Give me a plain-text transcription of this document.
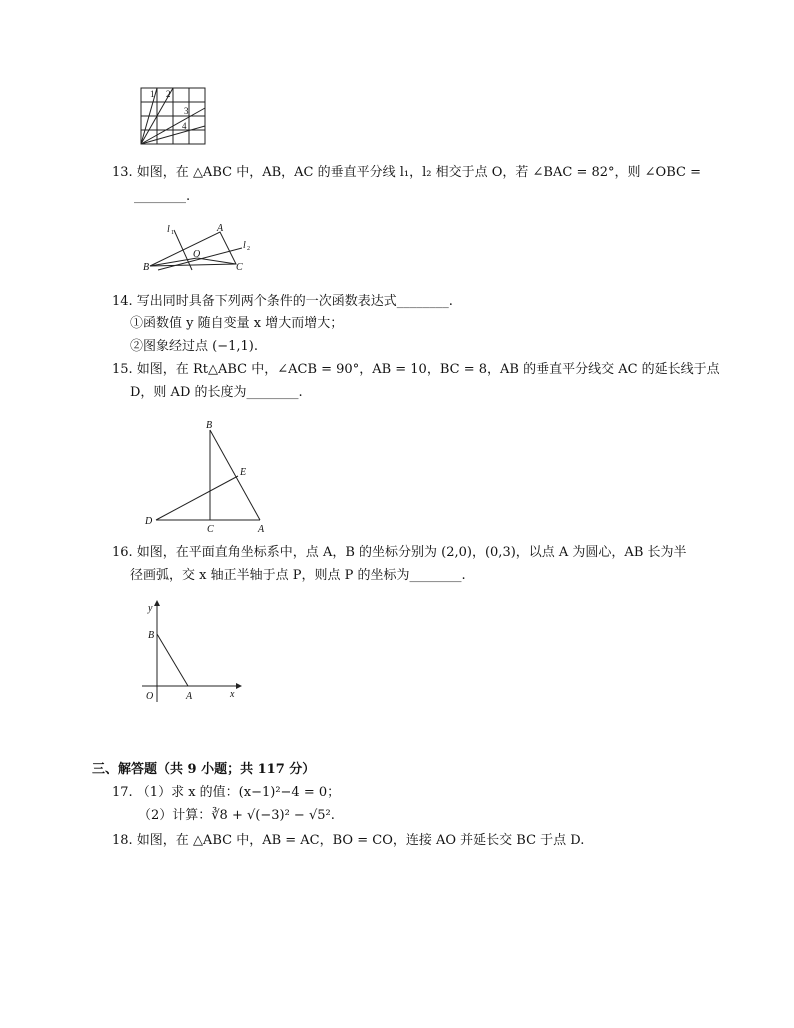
1 2
3
4
13. 如图，在 △ABC 中，AB，AC 的垂直平分线 l₁，l₂ 相交于点 O，若 ∠BAC = 82°，则 ∠OBC =
________.
l 1
l 2
A
B	C
O
14. 写出同时具备下列两个条件的一次函数表达式________.
①函数值 y 随自变量 x 增大而增大；
②图象经过点 (−1,1).
15. 如图，在 Rt△ABC 中，∠ACB = 90°，AB = 10，BC = 8，AB 的垂直平分线交 AC 的延长线于点
D，则 AD 的长度为________.
B
E
D
C	A
16. 如图，在平面直角坐标系中，点 A，B 的坐标分别为 (2,0)，(0,3)，以点 A 为圆心，AB 长为半
径画弧，交 x 轴正半轴于点 P，则点 P 的坐标为________.
y
B
O	A	x
三、解答题（共 9 小题；共 117 分）
17. （1）求 x 的值：(x−1)²−4 = 0；
（2）计算：∛8 + √(−3)² − √5².
18. 如图，在 △ABC 中，AB = AC，BO = CO，连接 AO 并延长交 BC 于点 D.
